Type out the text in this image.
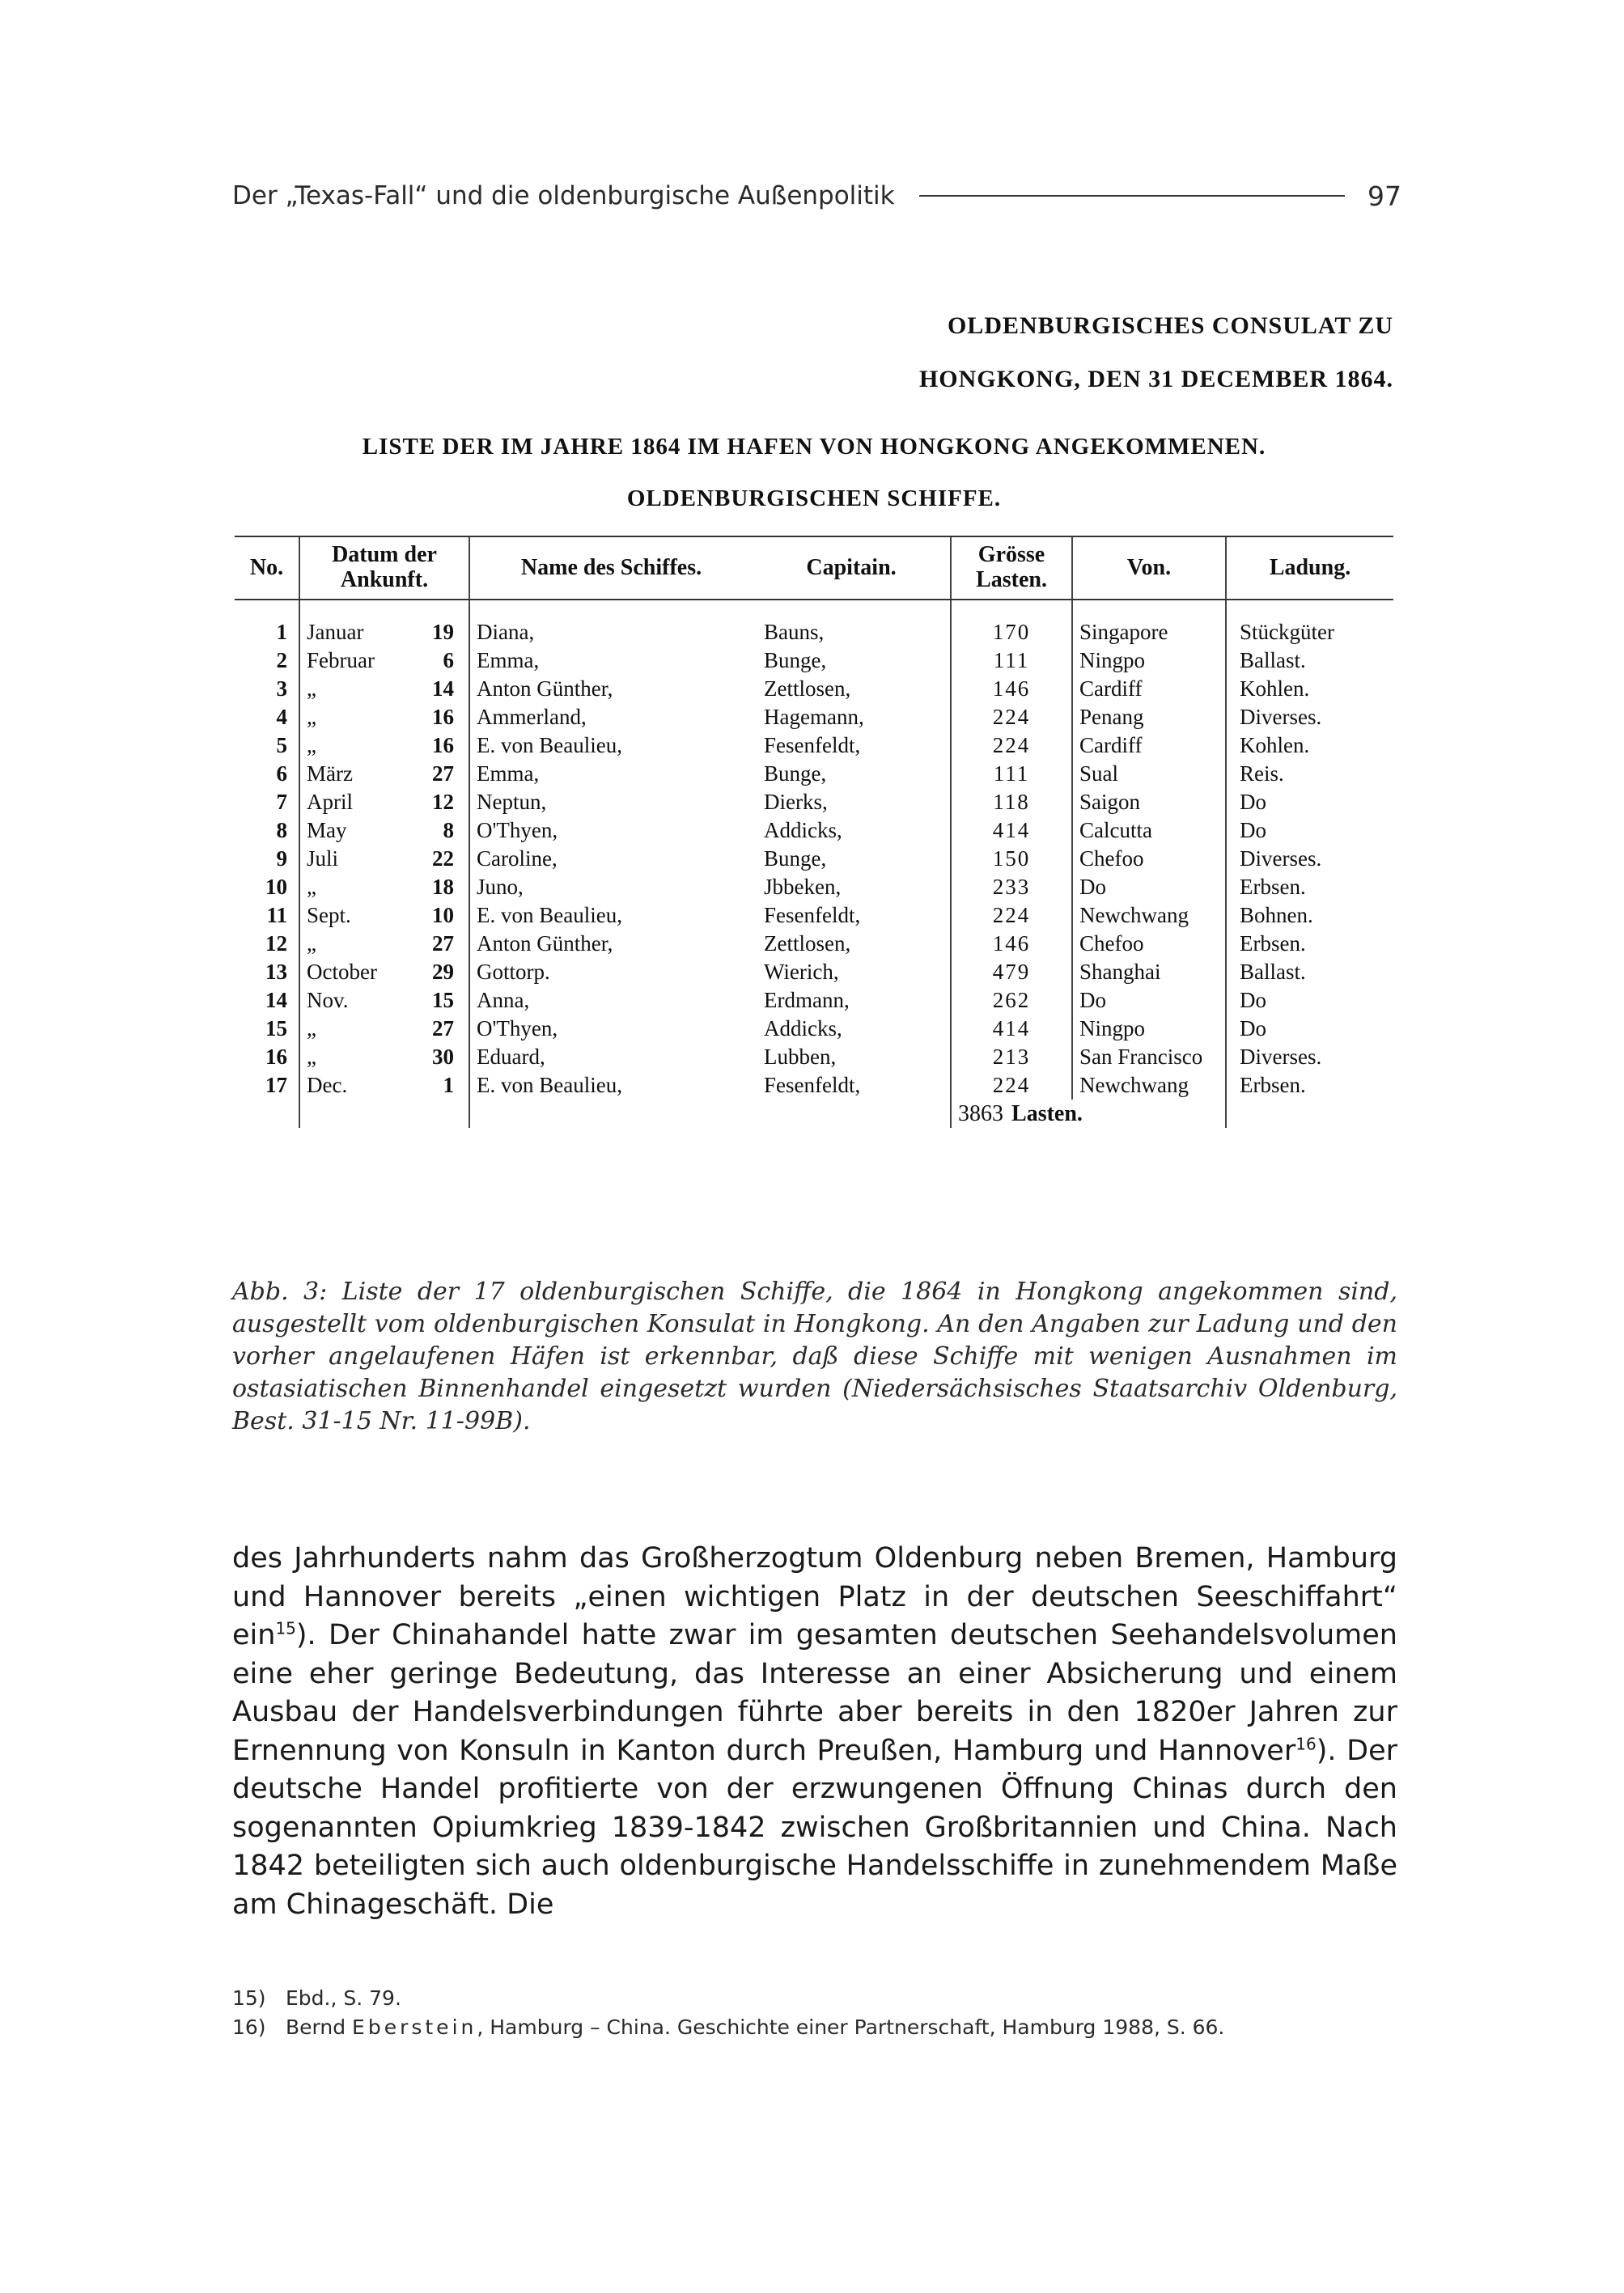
Der „Texas-Fall“ und die oldenburgische Außenpolitik	97
OLDENBURGISCHES CONSULAT ZU
HONGKONG, DEN 31 DECEMBER 1864.
LISTE DER IM JAHRE 1864 IM HAFEN VON HONGKONG ANGEKOMMENEN.
OLDENBURGISCHEN SCHIFFE.
No.	Datum der Ankunft.		Name des Schiffes.	Capitain.	Grösse Lasten.	Von.	Ladung.
1	Januar	19	Diana,	Bauns,	170	Singapore	Stückgüter
2	Februar	6	Emma,	Bunge,	111	Ningpo	Ballast.
3	„	14	Anton Günther,	Zettlosen,	146	Cardiff	Kohlen.
4	„	16	Ammerland,	Hagemann,	224	Penang	Diverses.
5	„	16	E. von Beaulieu,	Fesenfeldt,	224	Cardiff	Kohlen.
6	März	27	Emma,	Bunge,	111	Sual	Reis.
7	April	12	Neptun,	Dierks,	118	Saigon	Do
8	May	8	O'Thyen,	Addicks,	414	Calcutta	Do
9	Juli	22	Caroline,	Bunge,	150	Chefoo	Diverses.
10	„	18	Juno,	Jbbeken,	233	Do	Erbsen.
11	Sept.	10	E. von Beaulieu,	Fesenfeldt,	224	Newchwang	Bohnen.
12	„	27	Anton Günther,	Zettlosen,	146	Chefoo	Erbsen.
13	October	29	Gottorp.	Wierich,	479	Shanghai	Ballast.
14	Nov.	15	Anna,	Erdmann,	262	Do	Do
15	„	27	O'Thyen,	Addicks,	414	Ningpo	Do
16	„	30	Eduard,	Lubben,	213	San Francisco	Diverses.
17	Dec.	1	E. von Beaulieu,	Fesenfeldt,	224	Newchwang	Erbsen.
					3863 Lasten.		
Abb. 3: Liste der 17 oldenburgischen Schiffe, die 1864 in Hongkong angekommen sind, ausgestellt vom oldenburgischen Konsulat in Hongkong. An den Angaben zur Ladung und den vorher angelaufenen Häfen ist erkennbar, daß diese Schiffe mit wenigen Ausnahmen im ostasiatischen Binnenhandel eingesetzt wurden (Niedersächsisches Staatsarchiv Oldenburg, Best. 31-15 Nr. 11-99B).

des Jahrhunderts nahm das Großherzogtum Oldenburg neben Bremen, Hamburg und Hannover bereits „einen wichtigen Platz in der deutschen Seeschiffahrt“ ein$^{15}$). Der Chinahandel hatte zwar im gesamten deutschen Seehandelsvolumen eine eher geringe Bedeutung, das Interesse an einer Absicherung und einem Ausbau der Handelsverbindungen führte aber bereits in den 1820er Jahren zur Ernennung von Konsuln in Kanton durch Preußen, Hamburg und Hannover$^{16}$). Der deutsche Handel profitierte von der erzwungenen Öffnung Chinas durch den sogenannten Opiumkrieg 1839-1842 zwischen Großbritannien und China. Nach 1842 beteiligten sich auch oldenburgische Handelsschiffe in zunehmendem Maße am Chinageschäft. Die

15) Ebd., S. 79.
16) Bernd Eberstein, Hamburg – China. Geschichte einer Partnerschaft, Hamburg 1988, S. 66.
